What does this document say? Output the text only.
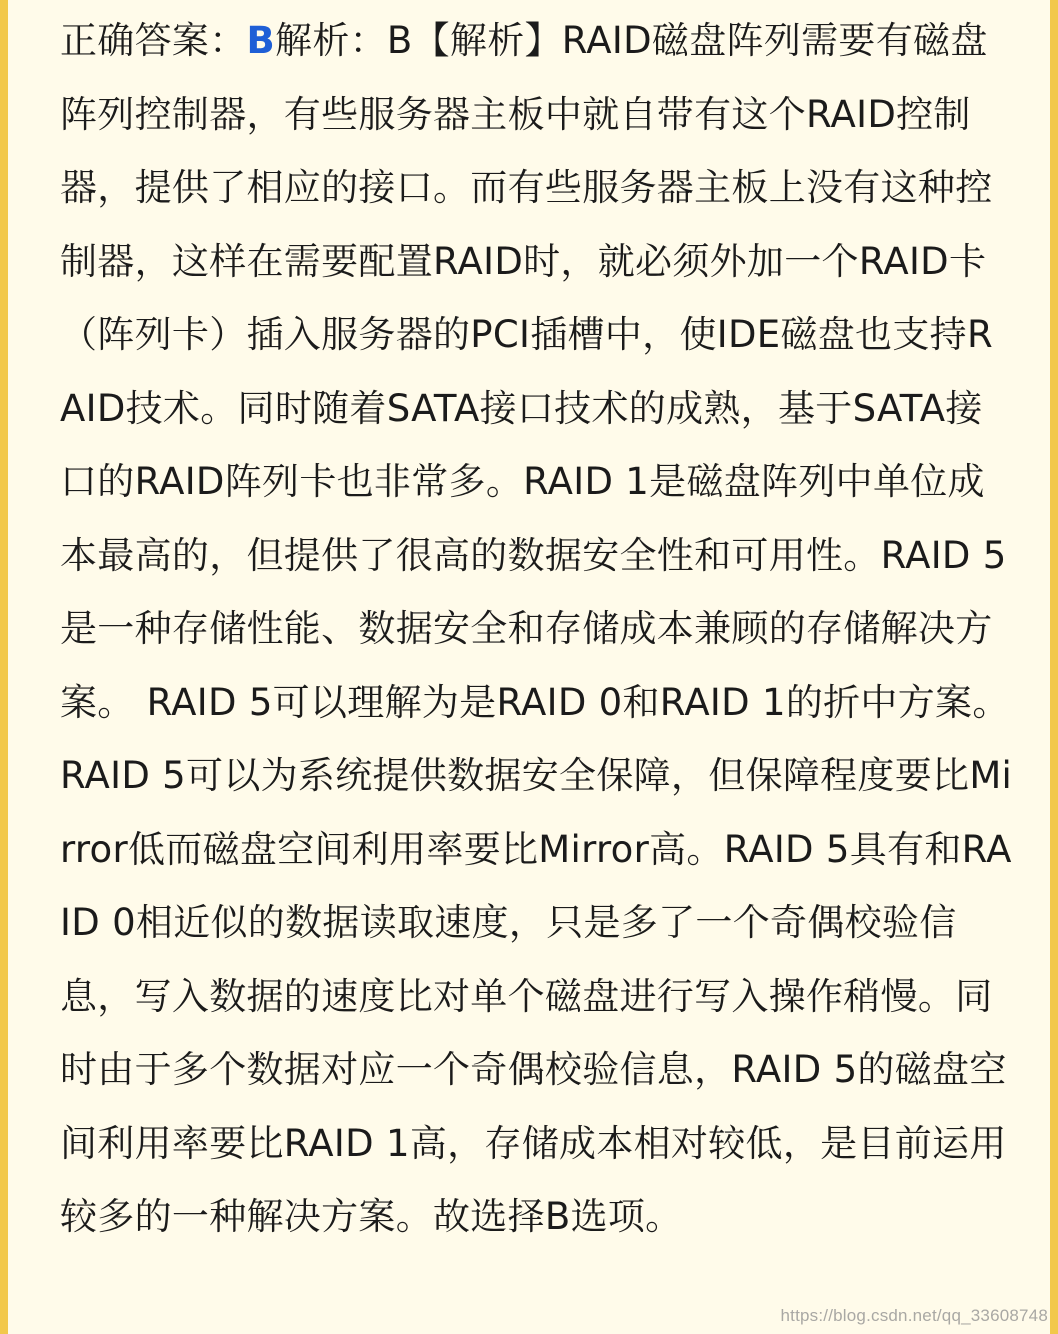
正确答案：B解析：B【解析】RAID磁盘阵列需要有磁盘阵列控制器，有些服务器主板中就自带有这个RAID控制器，提供了相应的接口。而有些服务器主板上没有这种控制器，这样在需要配置RAID时，就必须外加一个RAID卡（阵列卡）插入服务器的PCI插槽中，使IDE磁盘也支持RAID技术。同时随着SATA接口技术的成熟，基于SATA接口的RAID阵列卡也非常多。RAID 1是磁盘阵列中单位成本最高的，但提供了很高的数据安全性和可用性。RAID 5 是一种存储性能、数据安全和存储成本兼顾的存储解决方案。 RAID 5可以理解为是RAID 0和RAID 1的折中方案。RAID 5可以为系统提供数据安全保障，但保障程度要比Mirror低而磁盘空间利用率要比Mirror高。RAID 5具有和RAID 0相近似的数据读取速度，只是多了一个奇偶校验信息，写入数据的速度比对单个磁盘进行写入操作稍慢。同时由于多个数据对应一个奇偶校验信息，RAID 5的磁盘空间利用率要比RAID 1高，存储成本相对较低，是目前运用较多的一种解决方案。故选择B选项。

https://blog.csdn.net/qq_33608748
